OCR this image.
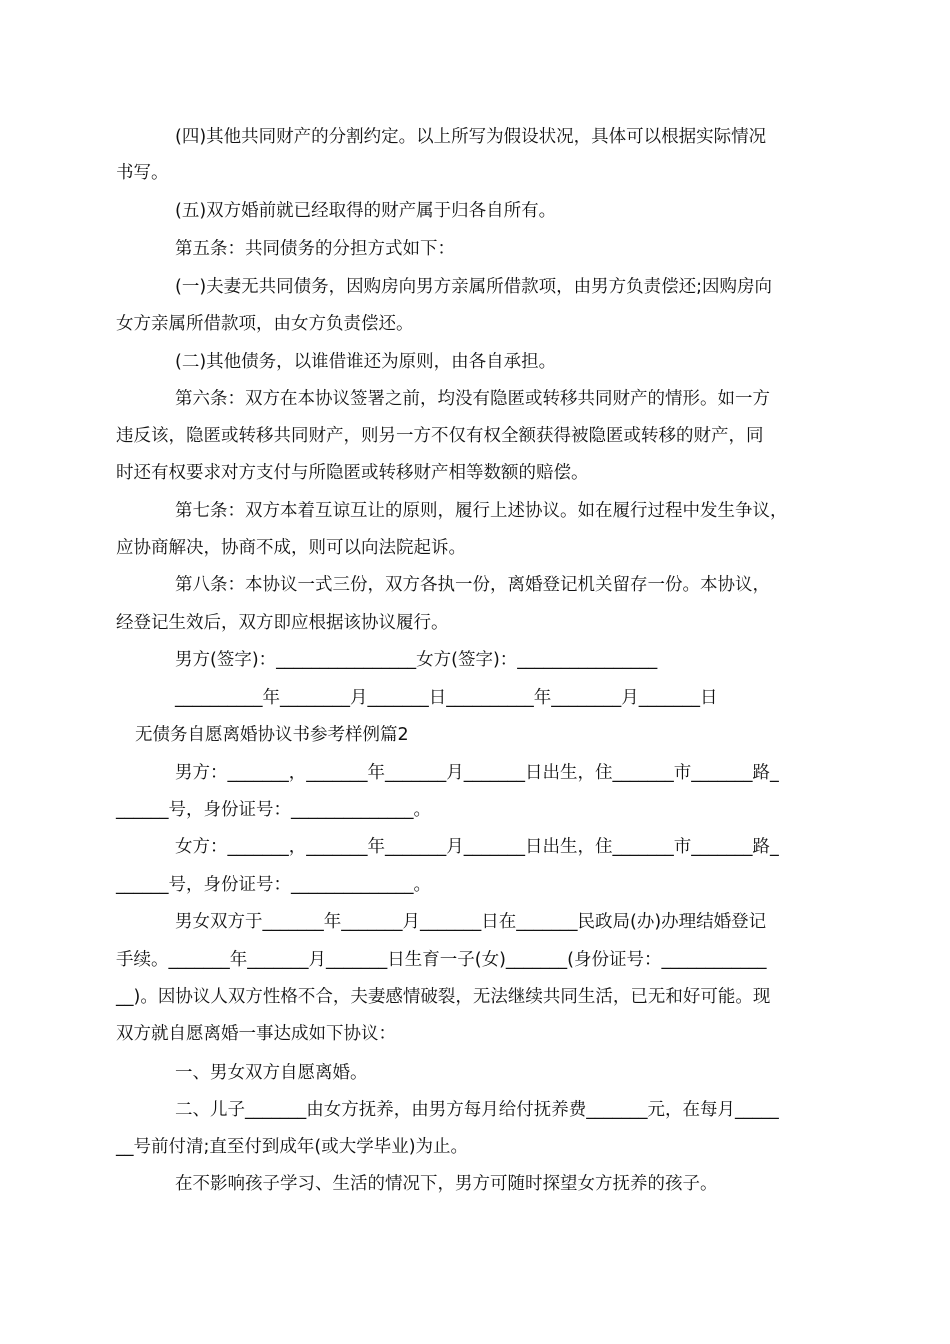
(四)其他共同财产的分割约定。以上所写为假设状况，具体可以根据实际情况
书写。
(五)双方婚前就已经取得的财产属于归各自所有。
第五条：共同债务的分担方式如下：
(一)夫妻无共同债务，因购房向男方亲属所借款项，由男方负责偿还;因购房向
女方亲属所借款项，由女方负责偿还。
(二)其他债务，以谁借谁还为原则，由各自承担。
第六条：双方在本协议签署之前，均没有隐匿或转移共同财产的情形。如一方
违反该，隐匿或转移共同财产，则另一方不仅有权全额获得被隐匿或转移的财产，同
时还有权要求对方支付与所隐匿或转移财产相等数额的赔偿。
第七条：双方本着互谅互让的原则，履行上述协议。如在履行过程中发生争议，
应协商解决，协商不成，则可以向法院起诉。
第八条：本协议一式三份，双方各执一份，离婚登记机关留存一份。本协议，
经登记生效后，双方即应根据该协议履行。
男方(签字)：________________女方(签字)：________________
__________年________月_______日__________年________月_______日
无债务自愿离婚协议书参考样例篇2
男方：_______，_______年_______月_______日出生，住_______市_______路_
______号，身份证号：______________。
女方：_______，_______年_______月_______日出生，住_______市_______路_
______号，身份证号：______________。
男女双方于_______年_______月_______日在_______民政局(办)办理结婚登记
手续。_______年_______月_______日生育一子(女)_______(身份证号：____________
__)。因协议人双方性格不合，夫妻感情破裂，无法继续共同生活，已无和好可能。现
双方就自愿离婚一事达成如下协议：
一、男女双方自愿离婚。
二、儿子_______由女方抚养，由男方每月给付抚养费_______元，在每月_____
__号前付清;直至付到成年(或大学毕业)为止。
在不影响孩子学习、生活的情况下，男方可随时探望女方抚养的孩子。
